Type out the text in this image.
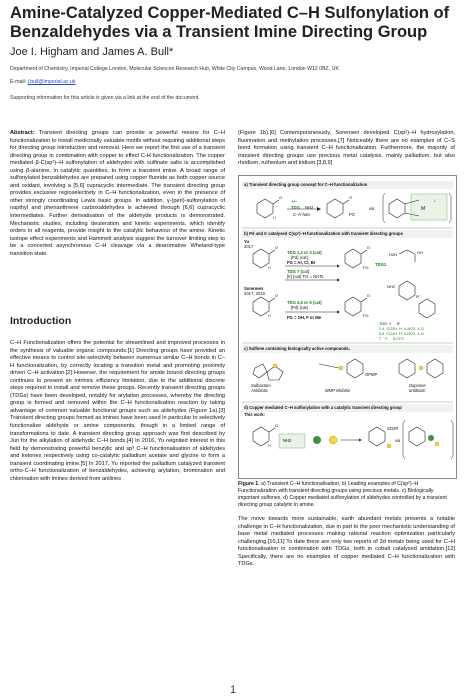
Amine-Catalyzed Copper-Mediated C–H Sulfonylation of Benzaldehydes via a Transient Imine Directing Group
Joe I. Higham and James A. Bull*
Department of Chemistry, Imperial College London, Molecular Sciences Research Hub, White City Campus, Wood Lane, London W12 0BZ, UK
E-mail: j.bull@imperial.ac.uk
Supporting information for this article is given via a link at the end of the document.
Abstract: Transient directing groups can provide a powerful means for C–H functionalization to install medicinally valuable motifs without requiring additional steps for directing group introduction and removal. Here we report the first use of a transient directing group in combination with copper to effect C-H functionalization. The copper mediated β-C(sp²)–H sulfonylation of aldehydes with sulfinate salts is accomplished using β-alanine, in catalytic quantities, to form a transient imine. A broad range of sulfonylated benzaldehydes are prepared using copper fluoride as both copper source and oxidant, involving a [5,6] cupracyclic intermediate. The transient directing group provides exclusive regioselectivity in C–H functionalization, even in the presence of other strongly coordinating Lewis basic groups. In addition, γ-(peri)-sulfonylation of napthyl and phenanthrene carboxaldehydes is achieved through [6,6] cupracyclic intermediates. Further derivatisation of the aldehyde products is demonstrated. Mechanistic studies, including deuteration and kinetic experiments, which identify orders in all reagents, provide insight to the catalytic behaviour of the amine. Kinetic isotope effect experiments and Hammett analysis suggest the turnover limiting step to be a concerted asynchronous C–H cleavage via a dearomative Wheland-type transition state.
Introduction
C–H Functionalization offers the potential for streamlined and improved processes in the synthesis of valuable organic compounds.[1] Directing groups have provided an effective means to control site-selectivity between numerous similar C–H bonds in C–H functionalization, by correctly locating a transition metal and promoting proximity driven C–H activation.[2] However, the requirement for amide bound directing groups continues to present an intrinsic efficiency limitation, due to the additional discrete steps required to install and remove these groups. Recently transient directing groups (TDGs) have been developed, notably for arylation processes, whereby the directing group is formed and removed within the C–H functionalisation reaction by taking advantage of common valuable functional groups such as aldehydes (Figure 1a).[3] Transient directing groups formed as imines have been used in particular to selectively functionalize aldehyde or amine components, though in a limited range of transformations to date. A transient directing group approach was first described by Jun for the alkylation of aldehydic C–H bonds.[4] In 2016, Yu reignited interest in this field by demonstrating powerful benzylic and sp³ C–H functionalisation of aldehydes and ketones respectively using co-catalytic palladium acetate and glycine to form a transient coordinating imine.[5] In 2017, Yu reported the palladium catalyzed transient ortho-C–H functionalization of benzaldehydes, achieving arylation, bromination and chlorination with imines derived from anilines
(Figure 1b).[6] Contemporaneously, Sorensen developed C(sp²)–H hydroxylation, fluorination and methylation processes.[7] Noticeably there are no examples of C–S bond formation using transient C–H functionalization. Furthermore, the majority of transient directing groups use precious metal catalysis, mainly palladium, but also rhodium, ruthenium and iridium.[3,8,9]
O
H
O
M
L
O
H
O
H
O
FG
O
FG
H2N	OH
NH2
R'
O
H
a) Transient directing group concept for C–H functionalization
+/–
TDG NH2
C–H func	FG
via
b) Pd and Ir catalysed C(sp²)–H functionalization with transient directing groups
Yu
2017
TDG 1,2 or 3 (cat)
[Pd] (cat)
FG = Ar, Cl, Br
TDG 7 (cat)
[Ir] (cat) FG = NHTs
Sorensen
2017, 2018
TDG 4,5 or 6 (cat)
[Pd] (cat)
FG = OH, F or Me
TDG1
TDG  Y     R'
2-4  CO2H  H, 4-NO2, 4-Cl
5,6  CO2H  H, 4-NO2, 4-Cl
7    F     5-CF3
c) Sulfone containing biologically active compounds.
Sulbactam
Antibiotic
OPMP
MMP inhibitor
Dapsone
antibiotic
d) Copper mediated C–H sulfonylation with a catalytic transient directing group
This work:
NH2
SO2R
via
Figure 1. a) Transient C–H functionalisation. b) Leading examples of C(sp²)–H Functionalization with transient directing groups using precious metals. c) Biologically important sulfones. d) Copper mediated sulfonylation of aldehydes controlled by a transient directing group catalytic in amine.
The move towards more sustainable, earth abundant metals presents a notable challenge in C–H functionalization, due in part to the poor mechanistic understanding of base metal mediated processes making rational reaction optimization particularly challenging.[10,11] To date there are only two reports of 3d metals being used for C–H functionalisation in combination with TDGs, both in cobalt catalysed amidation.[12] Specifically, there are no examples of copper mediated C–H functionalization with TDGs.
1
